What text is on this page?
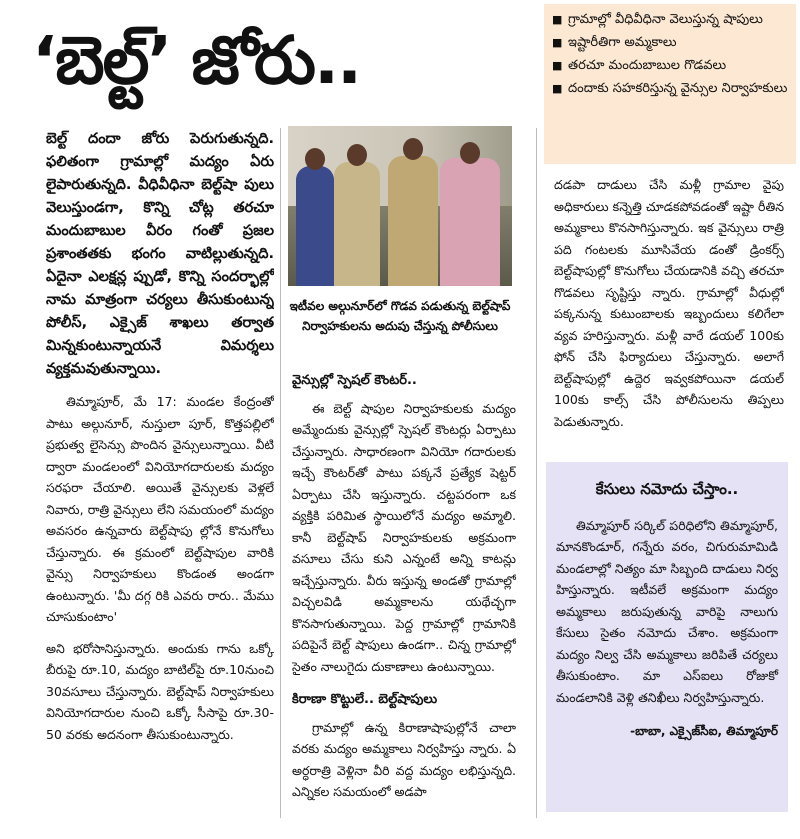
‘బెల్ట్’ జోరు..
■ గ్రామాల్లో వీధివీధినా వెలుస్తున్న షాపులు
■ ఇష్టారీతిగా అమ్మకాలు
■ తరచూ మందుబాబుల గొడవలు
■ దందాకు సహకరిస్తున్న వైన్సుల నిర్వాహకులు

బెల్ట్ దందా జోరు పెరుగుతున్నది. ఫలితంగా గ్రామాల్లో మద్యం ఏరు లైపారుతున్నది. వీధివీధినా బెల్ట్‌షా పులు వెలుస్తుండగా, కొన్ని చోట్ల తరచూ మందుబాబుల వీరం గంతో ప్రజల ప్రశాంతతకు భంగం వాటిల్లుతున్నది. ఏదైనా ఎలక్షన్ల ప్పుడో, కొన్ని సందర్భాల్లో నామ మాత్రంగా చర్యలు తీసుకుంటున్న పోలీస్, ఎక్సైజ్ శాఖలు తర్వాత మిన్నకుంటున్నాయనే విమర్శలు వ్యక్తమవుతున్నాయి.

తిమ్మాపూర్, మే 17: మండల కేంద్రంతో పాటు అల్గునూర్, నుస్తులా పూర్, కొత్తపల్లిలో ప్రభుత్వ లైసెన్సు పొందిన వైన్సులున్నాయి. వీటి ద్వారా మండలంలో వినియోగదారులకు మద్యం సరఫరా చేయాలి. అయితే వైన్సులకు వెళ్లలే నివారు, రాత్రి వైన్సులు లేని సమయంలో మద్యం అవసరం ఉన్నవారు బెల్ట్‌షాపు ల్లోనే కొనుగోలు చేస్తున్నారు. ఈ క్రమంలో బెల్ట్‌షాపుల వారికి వైన్సు నిర్వాహకులు కొండంత అండగా ఉంటున్నారు. 'మీ దగ్గ రికి ఎవరు రారు.. మేము చూసుకుంటాం'

అని భరోసానిస్తున్నారు. అందుకు గాను ఒక్కో బీరుపై రూ.10, మద్యం బాటిల్‌పై రూ.10నుంచి 30వసూలు చేస్తున్నారు. బెల్ట్‌షాప్ నిర్వాహకులు వినియోగదారుల నుంచి ఒక్కో సీసాపై రూ.30-50 వరకు అదనంగా తీసుకుంటున్నారు.

ఇటీవల అల్గునూర్‌లో గొడవ పడుతున్న బెల్ట్‌షాప్ నిర్వాహకులను అదుపు చేస్తున్న పోలీసులు

వైన్సుల్లో స్పెషల్ కౌంటర్..

ఈ బెల్ట్ షాపుల నిర్వాహకులకు మద్యం అమ్మేందుకు వైన్సుల్లో స్పెషల్ కౌంటర్లు ఏర్పాటు చేస్తున్నారు. సాధారణంగా వినియో గదారులకు ఇచ్చే కౌంటర్‌తో పాటు పక్కనే ప్రత్యేక షెట్టర్ ఏర్పాటు చేసి ఇస్తున్నారు. చట్టపరంగా ఒక వ్యక్తికి పరిమిత స్థాయిలోనే మద్యం అమ్మాలి. కానీ బెల్ట్‌షాప్ నిర్వాహకులకు అక్రమంగా వసూలు చేసు కుని ఎన్నంటే అన్ని కాటన్లు ఇచ్చేస్తున్నారు. వీరు ఇస్తున్న అండతో గ్రామాల్లో విచ్చలవిడి అమ్మకాలను యథేచ్ఛగా కొనసాగుతున్నాయి. పెద్ద గ్రామాల్లో గ్రామానికి పదిపైనే బెల్ట్ షాపులు ఉండగా.. చిన్న గ్రామాల్లో సైతం నాలుగైదు దుకాణాలు ఉంటున్నాయి.

కిరాణా కొట్టులే.. బెల్ట్‌షాపులు

గ్రామాల్లో ఉన్న కిరాణాషాపుల్లోనే చాలా వరకు మద్యం అమ్మకాలు నిర్వహిస్తు న్నారు. ఏ అర్ధరాత్రి వెళ్లినా వీరి వద్ద మద్యం లభిస్తున్నది. ఎన్నికల సమయంలో అడపా

దడపా దాడులు చేసి మళ్లీ గ్రామాల వైపు అధికారులు కన్నెత్తి చూడకపోవడంతో ఇష్టా రీతిన అమ్మకాలు కొనసాగిస్తున్నారు. ఇక వైన్సులు రాత్రి పది గంటలకు మూసివేయ డంతో డ్రింకర్స్ బెల్ట్‌షాపుల్లో కొనుగోలు చేయడానికి వచ్చి తరచూ గొడవలు సృష్టిస్తు న్నారు. గ్రామాల్లో వీధుల్లో పక్కనున్న కుటుంబాలకు ఇబ్బందులు కలిగేలా వ్యవ హరిస్తున్నారు. మళ్లీ వారే డయల్ 100కు ఫోన్ చేసి ఫిర్యాదులు చేస్తున్నారు. అలాగే బెల్ట్‌షాపుల్లో ఉద్దెర ఇవ్వకపోయినా డయల్ 100కు కాల్స్ చేసి పోలీసులను తిప్పలు పెడుతున్నారు.

కేసులు నమోదు చేస్తాం..

తిమ్మాపూర్ సర్కిల్ పరిధిలోని తిమ్మాపూర్, మానకొండూర్, గన్నేరు వరం, చిగురుమామిడి మండలాల్లో నిత్యం మా సిబ్బంది దాడులు నిర్వ హిస్తున్నారు. ఇటీవలే అక్రమంగా మద్యం అమ్మకాలు జరుపుతున్న వారిపై నాలుగు కేసులు సైతం నమోదు చేశాం. అక్రమంగా మద్యం నిల్వ చేసి అమ్మకాలు జరిపితే చర్యలు తీసుకుంటాం. మా ఎస్‌ఐలు రోజుకో మండలానికి వెళ్లి తనిఖీలు నిర్వహిస్తున్నారు.

-బాబా, ఎక్సైజ్‌సీఐ, తిమ్మాపూర్
